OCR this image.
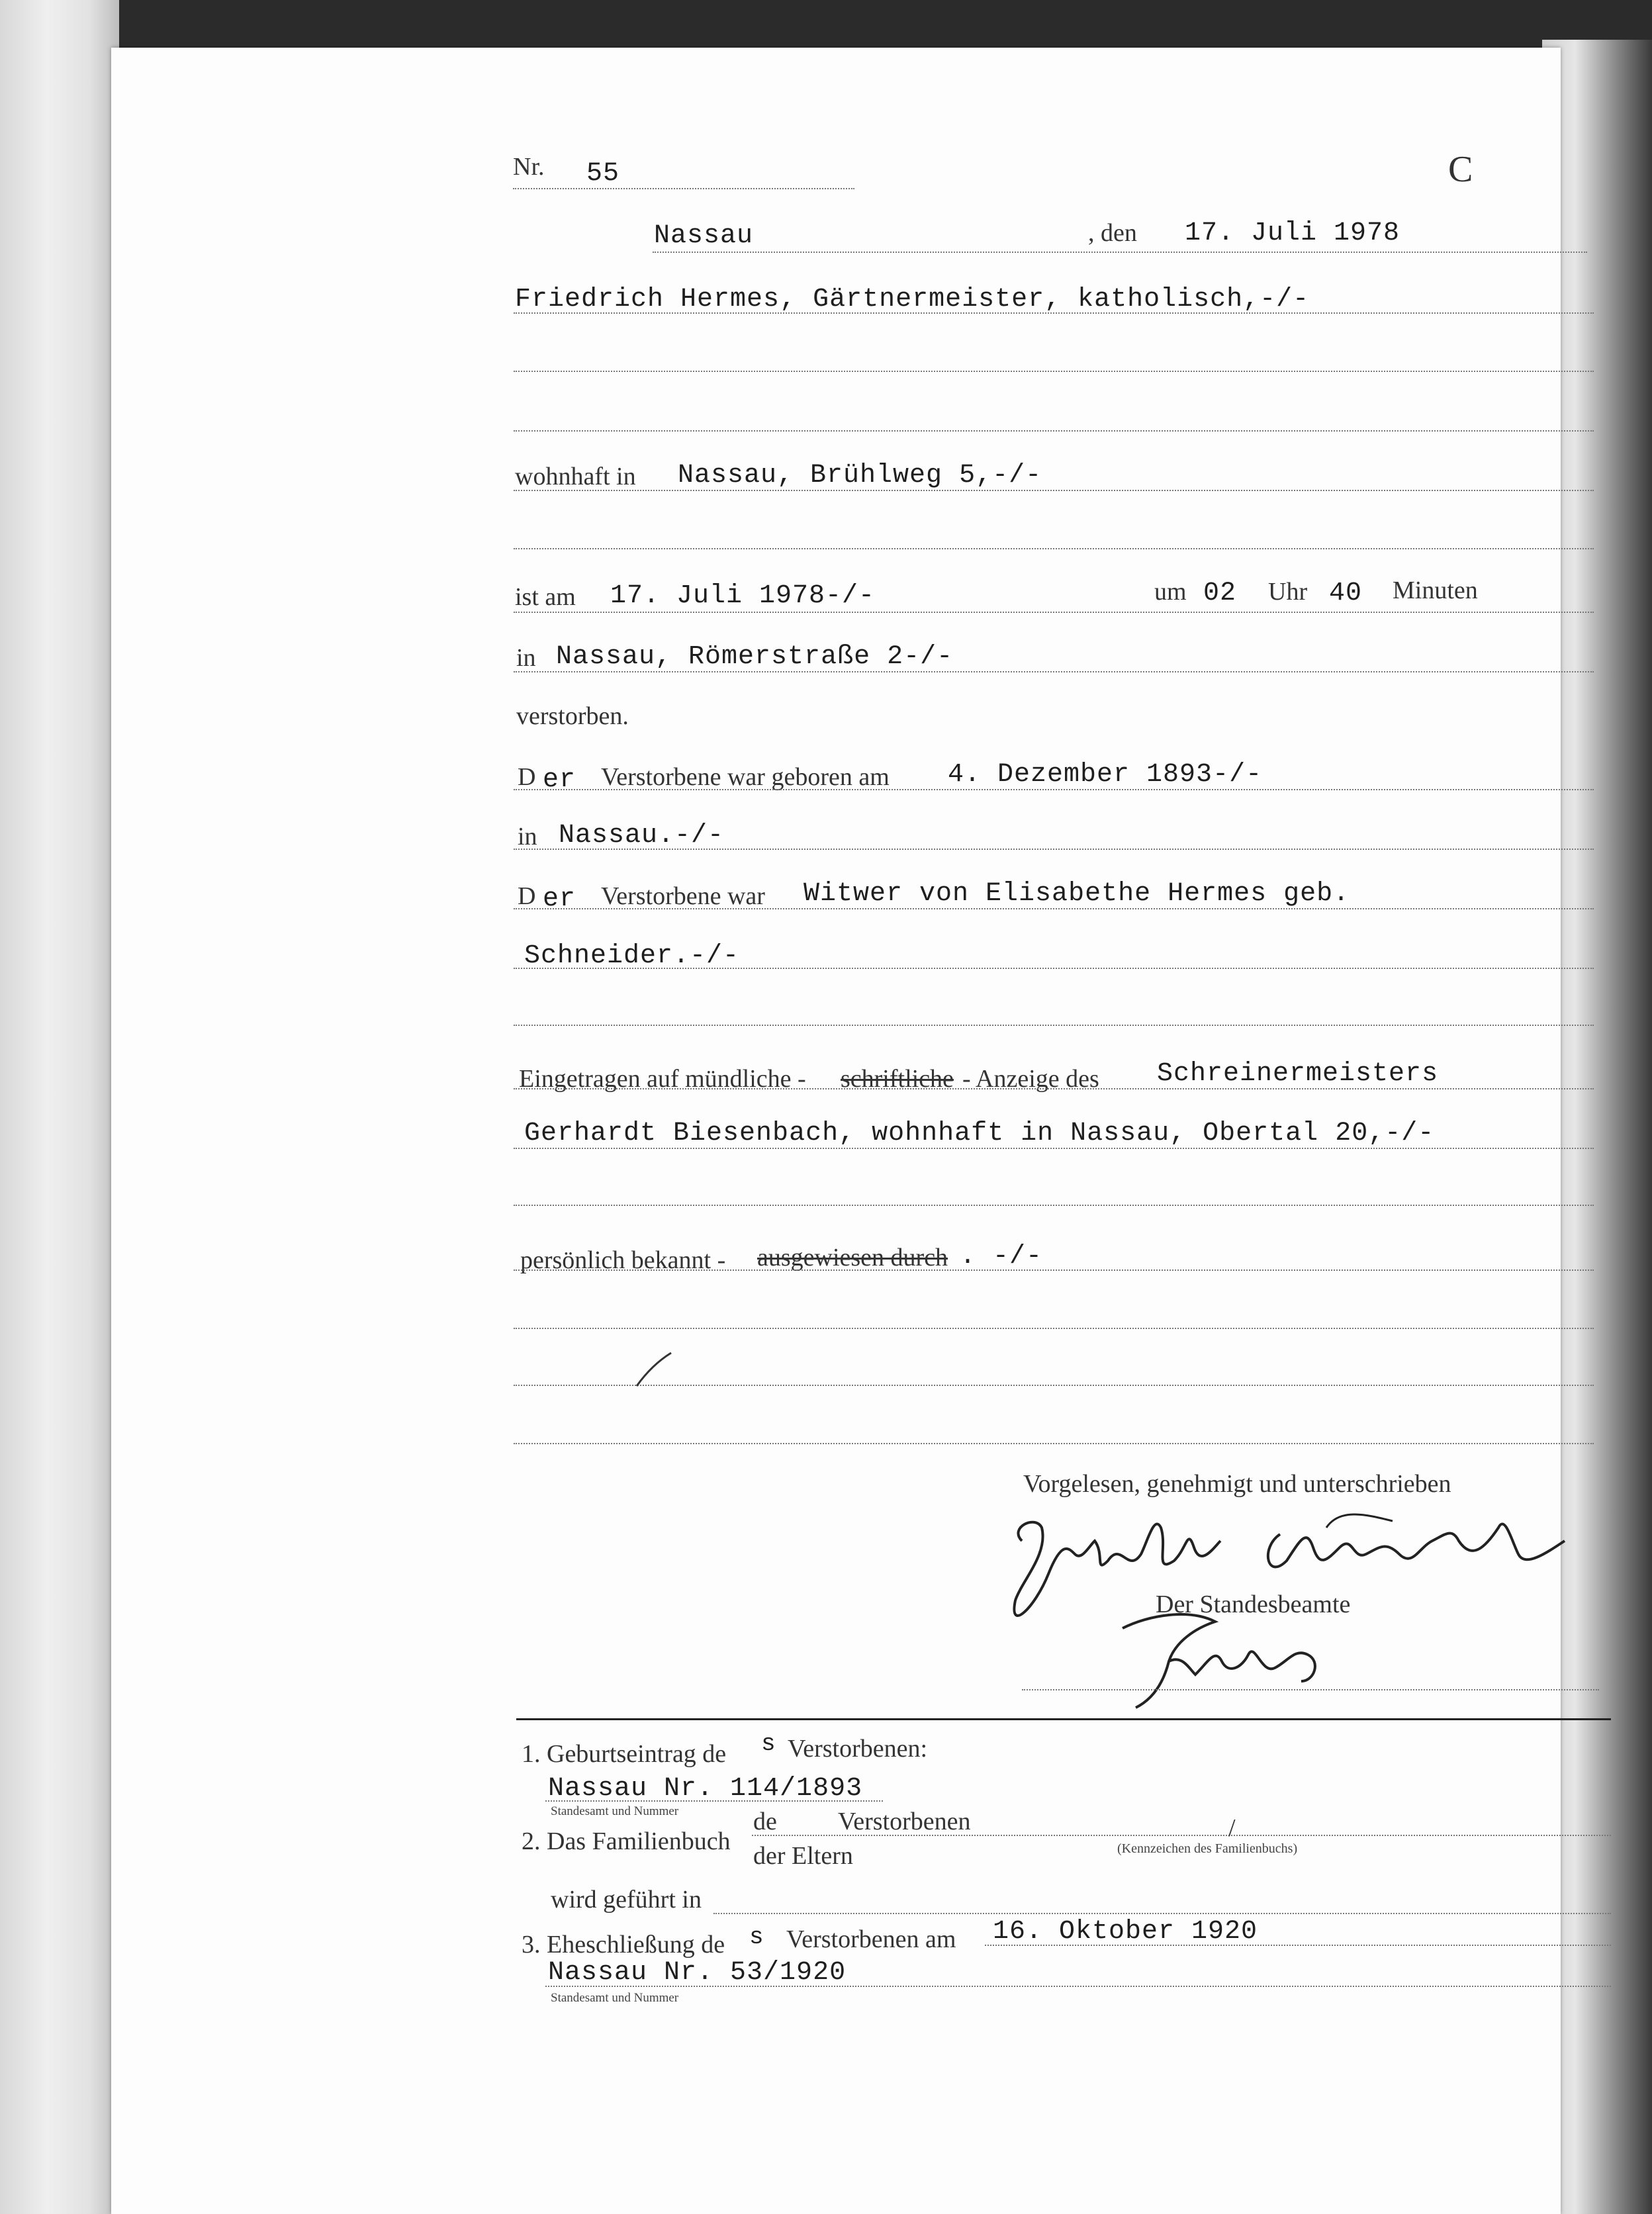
Nr. 55	C
Nassau	, den 17. Juli 1978
Friedrich Hermes, Gärtnermeister, katholisch,-/-
wohnhaft in Nassau, Brühlweg 5,-/-
ist am 17. Juli 1978-/-	um 02 Uhr 40 Minuten
in Nassau, Römerstraße 2-/-
verstorben.
D er Verstorbene war geboren am 4. Dezember 1893-/-
in Nassau.-/-
D er Verstorbene war Witwer von Elisabethe Hermes geb.
Schneider.-/-
Eingetragen auf mündliche - schriftliche - Anzeige des Schreinermeisters
Gerhardt Biesenbach, wohnhaft in Nassau, Obertal 20,-/-
persönlich bekannt - ausgewiesen durch . -/-
Vorgelesen, genehmigt und unterschrieben
Der Standesbeamte
1. Geburtseintrag de s Verstorbenen:
Nassau Nr. 114/1893
Standesamt und Nummer
2. Das Familienbuch
de Verstorbenen	/
der Eltern	(Kennzeichen des Familienbuchs)
wird geführt in
3. Eheschließung de s Verstorbenen am 16. Oktober 1920
Nassau Nr. 53/1920
Standesamt und Nummer
